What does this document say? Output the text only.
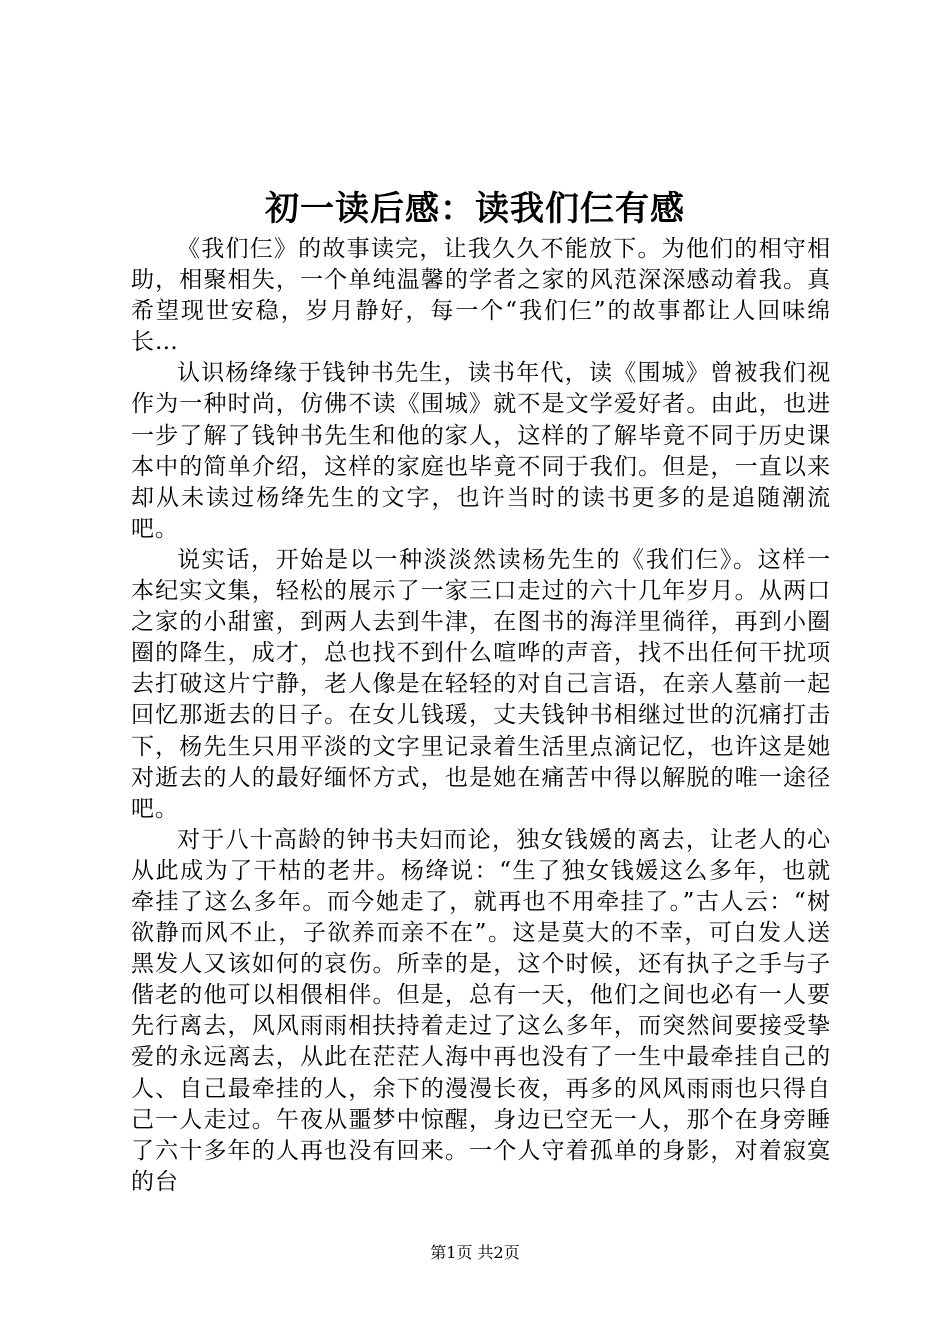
初一读后感：读我们仨有感

《我们仨》的故事读完，让我久久不能放下。为他们的相守相助，相聚相失，一个单纯温馨的学者之家的风范深深感动着我。真希望现世安稳，岁月静好，每一个“我们仨”的故事都让人回味绵长…

认识杨绛缘于钱钟书先生，读书年代，读《围城》曾被我们视作为一种时尚，仿佛不读《围城》就不是文学爱好者。由此，也进一步了解了钱钟书先生和他的家人，这样的了解毕竟不同于历史课本中的简单介绍，这样的家庭也毕竟不同于我们。但是，一直以来却从未读过杨绛先生的文字，也许当时的读书更多的是追随潮流吧。

说实话，开始是以一种淡淡然读杨先生的《我们仨》。这样一本纪实文集，轻松的展示了一家三口走过的六十几年岁月。从两口之家的小甜蜜，到两人去到牛津，在图书的海洋里徜徉，再到小圈圈的降生，成才，总也找不到什么喧哗的声音，找不出任何干扰项去打破这片宁静，老人像是在轻轻的对自己言语，在亲人墓前一起回忆那逝去的日子。在女儿钱瑗，丈夫钱钟书相继过世的沉痛打击下，杨先生只用平淡的文字里记录着生活里点滴记忆，也许这是她对逝去的人的最好缅怀方式，也是她在痛苦中得以解脱的唯一途径吧。

对于八十高龄的钟书夫妇而论，独女钱媛的离去，让老人的心从此成为了干枯的老井。杨绛说：“生了独女钱媛这么多年，也就牵挂了这么多年。而今她走了，就再也不用牵挂了。”古人云：“树欲静而风不止，子欲养而亲不在”。这是莫大的不幸，可白发人送黑发人又该如何的哀伤。所幸的是，这个时候，还有执子之手与子偕老的他可以相偎相伴。但是，总有一天，他们之间也必有一人要先行离去，风风雨雨相扶持着走过了这么多年，而突然间要接受挚爱的永远离去，从此在茫茫人海中再也没有了一生中最牵挂自己的人、自己最牵挂的人，余下的漫漫长夜，再多的风风雨雨也只得自己一人走过。午夜从噩梦中惊醒，身边已空无一人，那个在身旁睡了六十多年的人再也没有回来。一个人守着孤单的身影，对着寂寞的台

第1页 共2页
